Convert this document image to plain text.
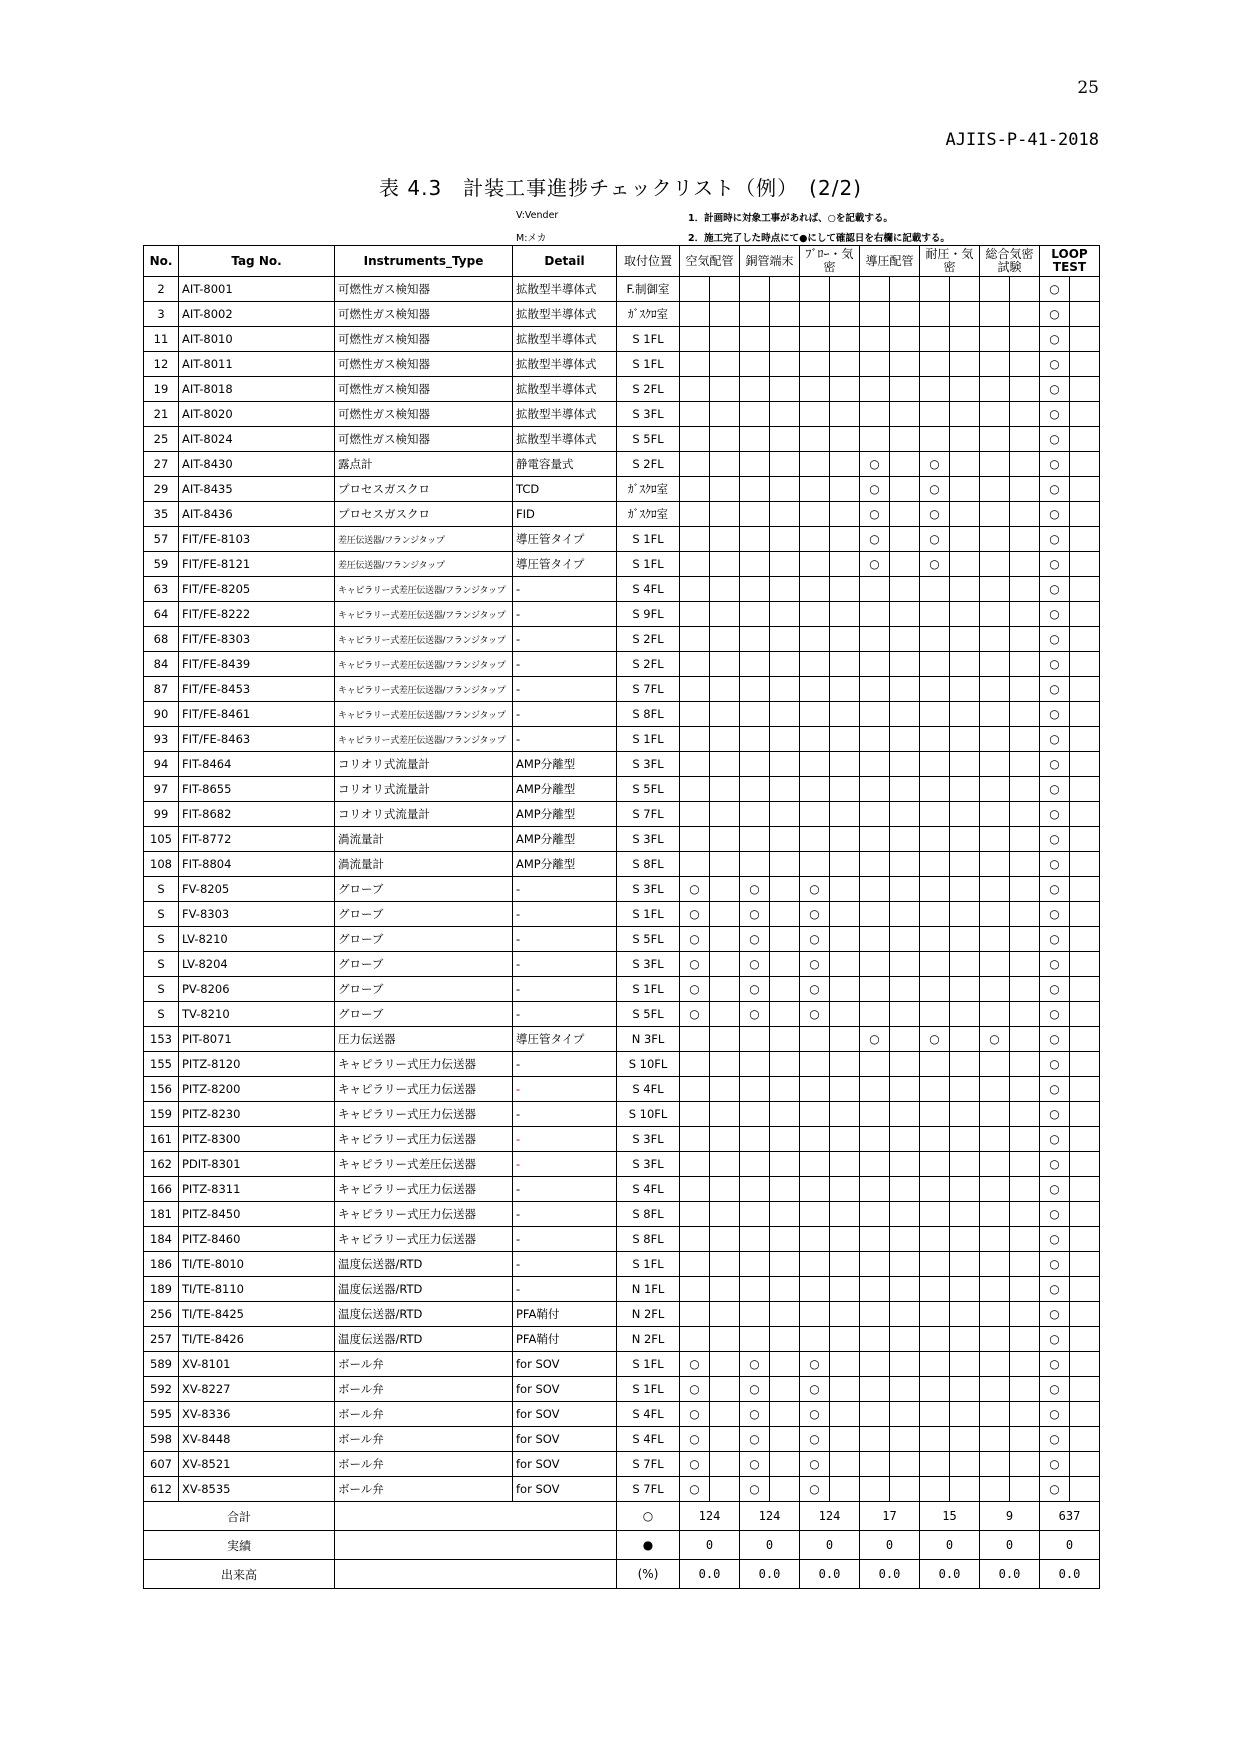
25
AJIIS-P-41-2018
表 4.3　計装工事進捗チェックリスト（例）　(2/2)
V:Vender
M:メカ
1．計画時に対象工事があれば、○を記載する。
2．施工完了した時点にて●にして確認日を右欄に記載する。
No.	Tag No.	Instruments_Type	Detail	取付位置	空気配管		銅管端末		ﾌﾞﾛｰ・気密		導圧配管		耐圧・気密		総合気密試験		LOOP TEST	
2	AIT-8001	可燃性ガス検知器	拡散型半導体式	F.制御室													○	
3	AIT-8002	可燃性ガス検知器	拡散型半導体式	ｶﾞｽｸﾛ室													○	
11	AIT-8010	可燃性ガス検知器	拡散型半導体式	S 1FL													○	
12	AIT-8011	可燃性ガス検知器	拡散型半導体式	S 1FL													○	
19	AIT-8018	可燃性ガス検知器	拡散型半導体式	S 2FL													○	
21	AIT-8020	可燃性ガス検知器	拡散型半導体式	S 3FL													○	
25	AIT-8024	可燃性ガス検知器	拡散型半導体式	S 5FL													○	
27	AIT-8430	露点計	静電容量式	S 2FL							○		○				○	
29	AIT-8435	プロセスガスクロ	TCD	ｶﾞｽｸﾛ室							○		○				○	
35	AIT-8436	プロセスガスクロ	FID	ｶﾞｽｸﾛ室							○		○				○	
57	FIT/FE-8103	差圧伝送器/フランジタップ	導圧管タイプ	S 1FL							○		○				○	
59	FIT/FE-8121	差圧伝送器/フランジタップ	導圧管タイプ	S 1FL							○		○				○	
63	FIT/FE-8205	キャピラリー式差圧伝送器/フランジタップ	-	S 4FL													○	
64	FIT/FE-8222	キャピラリー式差圧伝送器/フランジタップ	-	S 9FL													○	
68	FIT/FE-8303	キャピラリー式差圧伝送器/フランジタップ	-	S 2FL													○	
84	FIT/FE-8439	キャピラリー式差圧伝送器/フランジタップ	-	S 2FL													○	
87	FIT/FE-8453	キャピラリー式差圧伝送器/フランジタップ	-	S 7FL													○	
90	FIT/FE-8461	キャピラリー式差圧伝送器/フランジタップ	-	S 8FL													○	
93	FIT/FE-8463	キャピラリー式差圧伝送器/フランジタップ	-	S 1FL													○	
94	FIT-8464	コリオリ式流量計	AMP分離型	S 3FL													○	
97	FIT-8655	コリオリ式流量計	AMP分離型	S 5FL													○	
99	FIT-8682	コリオリ式流量計	AMP分離型	S 7FL													○	
105	FIT-8772	渦流量計	AMP分離型	S 3FL													○	
108	FIT-8804	渦流量計	AMP分離型	S 8FL													○	
S	FV-8205	グローブ	-	S 3FL	○		○		○								○	
S	FV-8303	グローブ	-	S 1FL	○		○		○								○	
S	LV-8210	グローブ	-	S 5FL	○		○		○								○	
S	LV-8204	グローブ	-	S 3FL	○		○		○								○	
S	PV-8206	グローブ	-	S 1FL	○		○		○								○	
S	TV-8210	グローブ	-	S 5FL	○		○		○								○	
153	PIT-8071	圧力伝送器	導圧管タイプ	N 3FL							○		○		○		○	
155	PITZ-8120	キャピラリー式圧力伝送器	-	S 10FL													○	
156	PITZ-8200	キャピラリー式圧力伝送器	-	S 4FL													○	
159	PITZ-8230	キャピラリー式圧力伝送器	-	S 10FL													○	
161	PITZ-8300	キャピラリー式圧力伝送器	-	S 3FL													○	
162	PDIT-8301	キャピラリー式差圧伝送器	-	S 3FL													○	
166	PITZ-8311	キャピラリー式圧力伝送器	-	S 4FL													○	
181	PITZ-8450	キャピラリー式圧力伝送器	-	S 8FL													○	
184	PITZ-8460	キャピラリー式圧力伝送器	-	S 8FL													○	
186	TI/TE-8010	温度伝送器/RTD	-	S 1FL													○	
189	TI/TE-8110	温度伝送器/RTD	-	N 1FL													○	
256	TI/TE-8425	温度伝送器/RTD	PFA鞘付	N 2FL													○	
257	TI/TE-8426	温度伝送器/RTD	PFA鞘付	N 2FL													○	
589	XV-8101	ボール弁	for SOV	S 1FL	○		○		○								○	
592	XV-8227	ボール弁	for SOV	S 1FL	○		○		○								○	
595	XV-8336	ボール弁	for SOV	S 4FL	○		○		○								○	
598	XV-8448	ボール弁	for SOV	S 4FL	○		○		○								○	
607	XV-8521	ボール弁	for SOV	S 7FL	○		○		○								○	
612	XV-8535	ボール弁	for SOV	S 7FL	○		○		○								○	
合計				○	124		124		124		17		15		9		637	
実績				●	0		0		0		0		0		0		0	
出来高				(%)	0.0		0.0		0.0		0.0		0.0		0.0		0.0	
